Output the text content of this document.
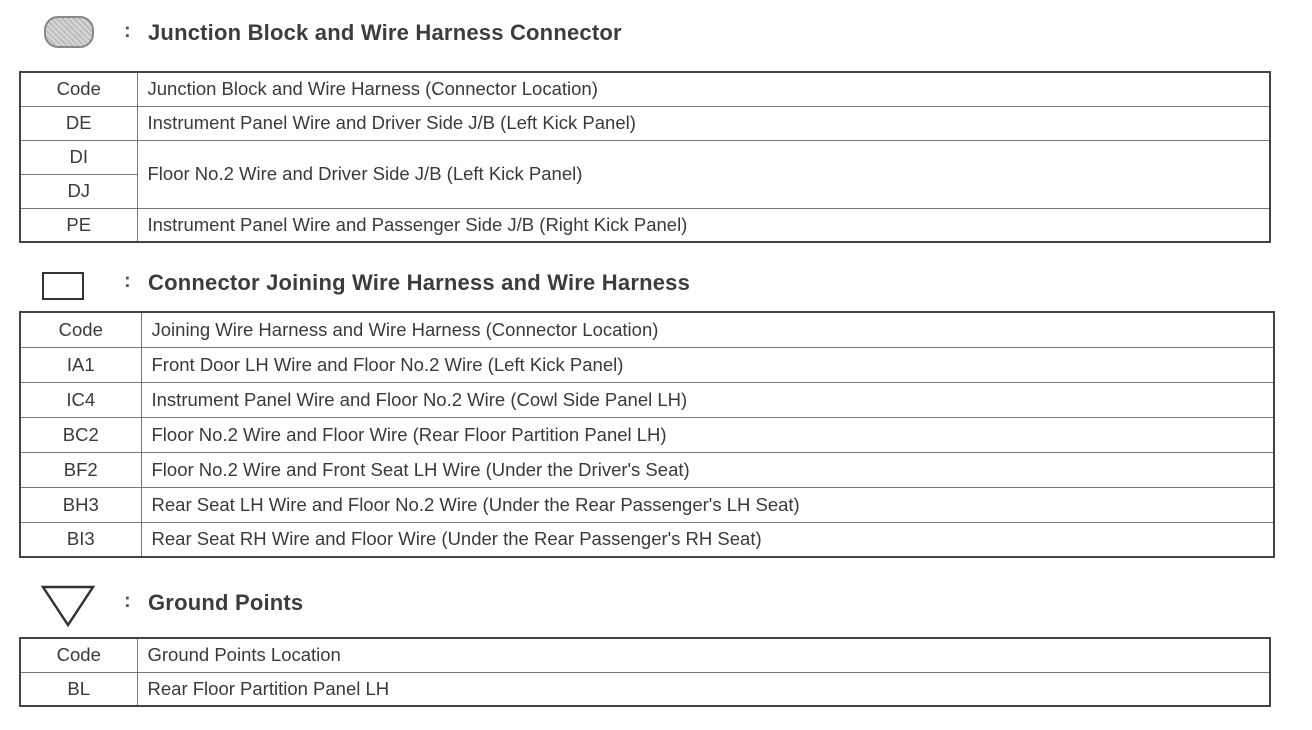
: Junction Block and Wire Harness Connector
Code	Junction Block and Wire Harness (Connector Location)
DE	Instrument Panel Wire and Driver Side J/B (Left Kick Panel)
DI	Floor No.2 Wire and Driver Side J/B (Left Kick Panel)
DJ	
PE	Instrument Panel Wire and Passenger Side J/B (Right Kick Panel)
: Connector Joining Wire Harness and Wire Harness
Code	Joining Wire Harness and Wire Harness (Connector Location)
IA1	Front Door LH Wire and Floor No.2 Wire (Left Kick Panel)
IC4	Instrument Panel Wire and Floor No.2 Wire (Cowl Side Panel LH)
BC2	Floor No.2 Wire and Floor Wire (Rear Floor Partition Panel LH)
BF2	Floor No.2 Wire and Front Seat LH Wire (Under the Driver's Seat)
BH3	Rear Seat LH Wire and Floor No.2 Wire (Under the Rear Passenger's LH Seat)
BI3	Rear Seat RH Wire and Floor Wire (Under the Rear Passenger's RH Seat)
: Ground Points
Code	Ground Points Location
BL	Rear Floor Partition Panel LH
